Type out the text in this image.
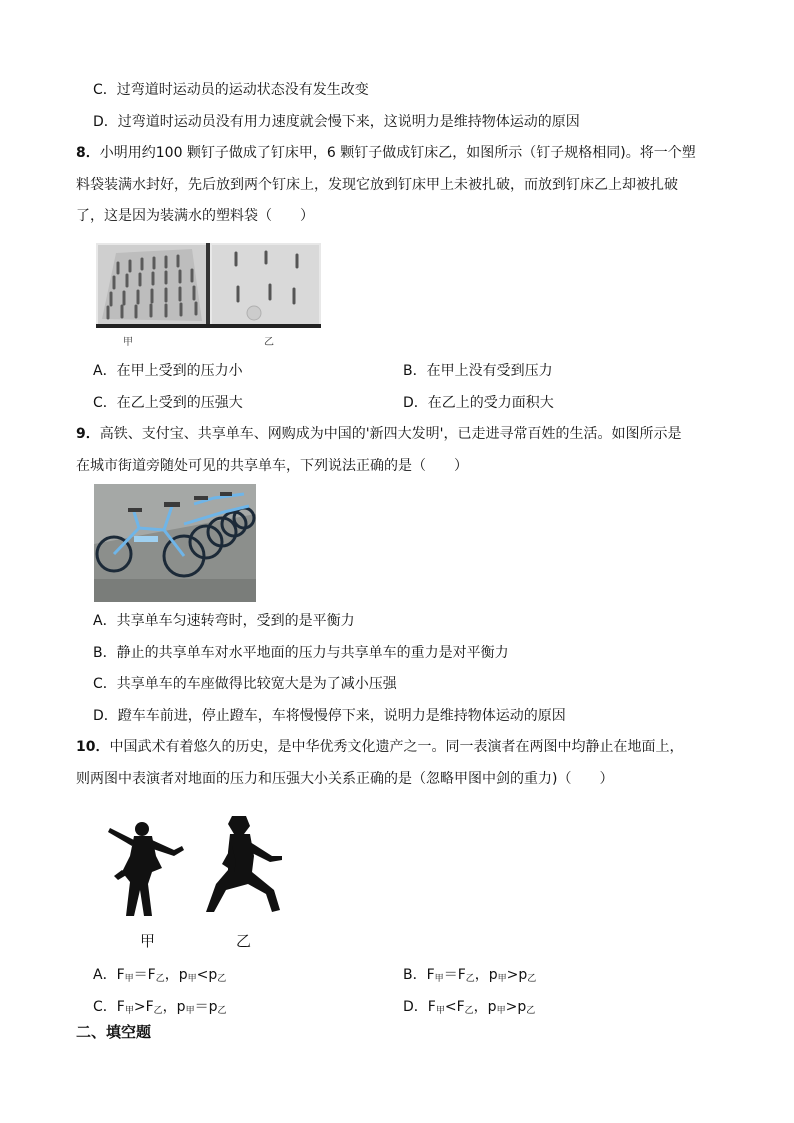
C．过弯道时运动员的运动状态没有发生改变
D．过弯道时运动员没有用力速度就会慢下来，这说明力是维持物体运动的原因
8．小明用约100 颗钉子做成了钉床甲，6 颗钉子做成钉床乙，如图所示（钉子规格相同)。将一个塑
料袋装满水封好，先后放到两个钉床上，发现它放到钉床甲上未被扎破，而放到钉床乙上却被扎破
了，这是因为装满水的塑料袋（　　）
甲	乙
A．在甲上受到的压力小	B．在甲上没有受到压力
C．在乙上受到的压强大	D．在乙上的受力面积大
9．高铁、支付宝、共享单车、网购成为中国的'新四大发明'，已走进寻常百姓的生活。如图所示是
在城市街道旁随处可见的共享单车，下列说法正确的是（　　）
A．共享单车匀速转弯时，受到的是平衡力
B．静止的共享单车对水平地面的压力与共享单车的重力是对平衡力
C．共享单车的车座做得比较宽大是为了减小压强
D．蹬车车前进，停止蹬车，车将慢慢停下来，说明力是维持物体运动的原因
10．中国武术有着悠久的历史，是中华优秀文化遗产之一。同一表演者在两图中均静止在地面上，
则两图中表演者对地面的压力和压强大小关系正确的是（忽略甲图中剑的重力)（　　）
甲	乙
A．$F_甲=F_乙$，$p_甲<p_乙$	B．$F_甲=F_乙$，$p_甲>p_乙$
C．$F_甲>F_乙$，$p_甲=p_乙$	D．$F_甲<F_乙$，$p_甲>p_乙$
二、填空题
